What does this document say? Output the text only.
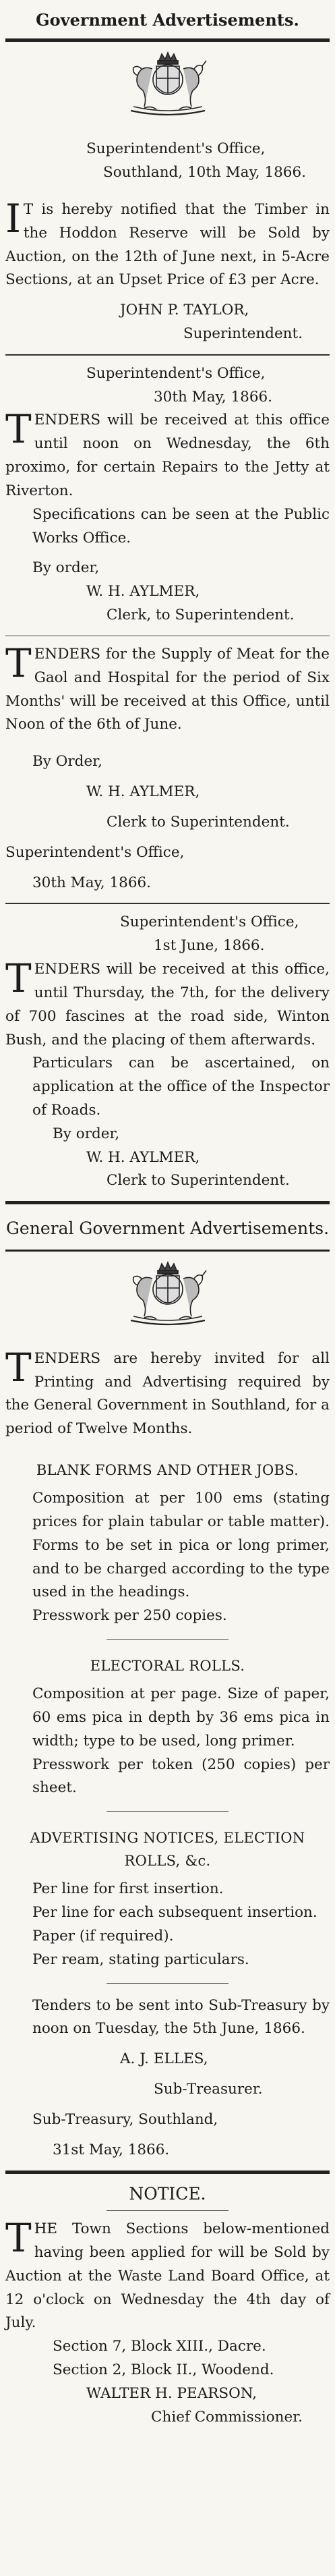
Government Advertisements.
Superintendent's Office,
Southland, 10th May, 1866.

I T is hereby notified that the Timber in the Hoddon Reserve will be Sold by Auction, on the 12th of June next, in 5-Acre Sections, at an Upset Price of £3 per Acre.

JOHN P. TAYLOR,
Superintendent.
Superintendent's Office,
30th May, 1866.

TENDERS will be received at this office until noon on Wednesday, the 6th proximo, for certain Repairs to the Jetty at Riverton.

Specifications can be seen at the Public Works Office.
By order,
W. H. AYLMER,
Clerk, to Superintendent.

TENDERS for the Supply of Meat for the Gaol and Hospital for the period of Six Months' will be received at this Office, until Noon of the 6th of June.

By Order,
W. H. AYLMER,
Clerk to Superintendent.
Superintendent's Office,
30th May, 1866.
Superintendent's Office,
1st June, 1866.

TENDERS will be received at this office, until Thursday, the 7th, for the delivery of 700 fascines at the road side, Winton Bush, and the placing of them afterwards.

Particulars can be ascertained, on application at the office of the Inspector of Roads.
By order,
W. H. AYLMER,
Clerk to Superintendent.
General Government Advertisements.

TENDERS are hereby invited for all Printing and Advertising required by the General Government in Southland, for a period of Twelve Months.

BLANK FORMS AND OTHER JOBS.
Composition at per 100 ems (stating prices for plain tabular or table matter). Forms to be set in pica or long primer, and to be charged according to the type used in the headings.
Presswork per 250 copies.
ELECTORAL ROLLS.
Composition at per page. Size of paper, 60 ems pica in depth by 36 ems pica in width; type to be used, long primer.
Presswork per token (250 copies) per sheet.
ADVERTISING NOTICES, ELECTION
ROLLS, &c.
Per line for first insertion.
Per line for each subsequent insertion.
Paper (if required).
Per ream, stating particulars.
Tenders to be sent into Sub-Treasury by noon on Tuesday, the 5th June, 1866.
A. J. ELLES,
Sub-Treasurer.
Sub-Treasury, Southland,
31st May, 1866.
NOTICE.

THE Town Sections below-mentioned having been applied for will be Sold by Auction at the Waste Land Board Office, at 12 o'clock on Wednesday the 4th day of July.

Section 7, Block XIII., Dacre.
Section 2, Block II., Woodend.
WALTER H. PEARSON,
Chief Commissioner.
